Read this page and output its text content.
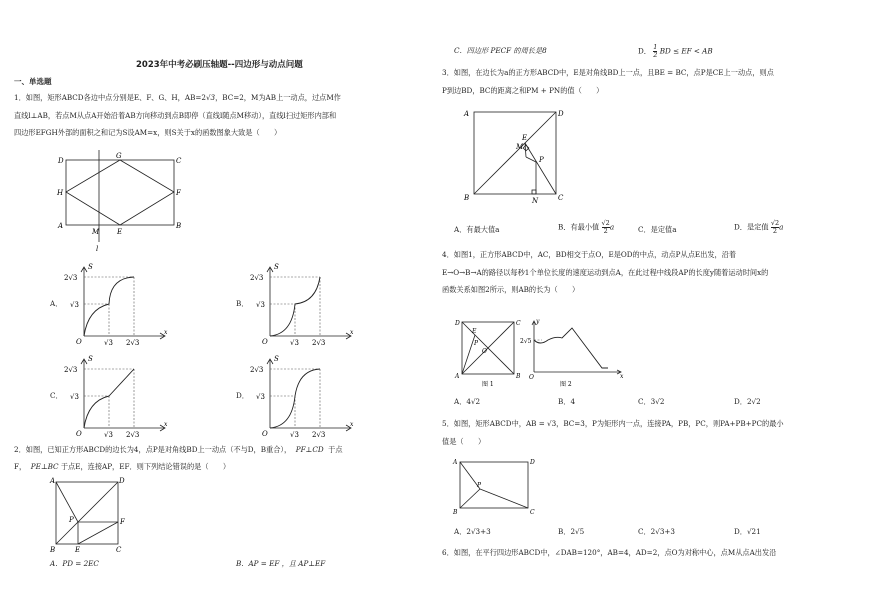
2023年中考必刷压轴题--四边形与动点问题
一、单选题
1．如图，矩形ABCD各边中点分别是E、F、G、H，AB=2√3，BC=2，M为AB上一动点，过点M作
直线l⊥AB，若点M从点A开始沿着AB方向移动到点B即停（直线l随点M移动），直线l扫过矩形内部和
四边形EFGH外部的面积之和记为S设AM=x，则S关于x的函数图象大致是（　　）
D
G
C
H	F
A
M	E
B
l
A．	B．
C．	D．
S
x
O
2√3
√3
√3 2√3
S
x
O
2√3
√3
√3 2√3
S
x
O
2√3
√3
√3 2√3
S
x
O
2√3
√3
√3 2√3
2．如图，已知正方形ABCD的边长为4，点P是对角线BD上一动点（不与D，B重合）， PF⊥CD 于点
F， PE⊥BC 于点E，连接AP，EF．则下列结论错误的是（　　）
A	D
P	F
B	E	C
A．PD = 2EC	B．AP = EF ，且 AP⊥EF
C．四边形 PECF 的周长是8	D． $\frac{1}{2}$ BD ≤ EF < AB
3．如图，在边长为a的正方形ABCD中，E是对角线BD上一点，且BE = BC，点P是CE上一动点，则点
P到边BD，BC的距离之和PM + PN的值（　　）
A	D
E
M
P
B	N	C
A．有最大值a	B．有最小值 $\frac{√2}{2}$ a	C．是定值a	D．是定值 $\frac{√2}{2}$ a
4．如图1，正方形ABCD中，AC，BD相交于点O，E是OD的中点，动点P从点E出发，沿着
E→O→B→A的路径以每秒1个单位长度的速度运动到点A，在此过程中线段AP的长度y随着运动时间x的
函数关系如图2所示，则AB的长为（　　）
D	C
E
O
P
A	B
图 1
y
x
O
2√5
图 2
A．4√2	B．4	C．3√2	D．2√2
5．如图，矩形ABCD中，AB = √3，BC=3，P为矩形内一点，连接PA，PB，PC，则PA+PB+PC的最小
值是（　　）
A	D
P
B	C
A．2√3+3	B．2√5	C．2√3+3	D．√21
6．如图，在平行四边形ABCD中，∠DAB=120°，AB=4，AD=2，点O为对称中心，点M从点A出发沿
